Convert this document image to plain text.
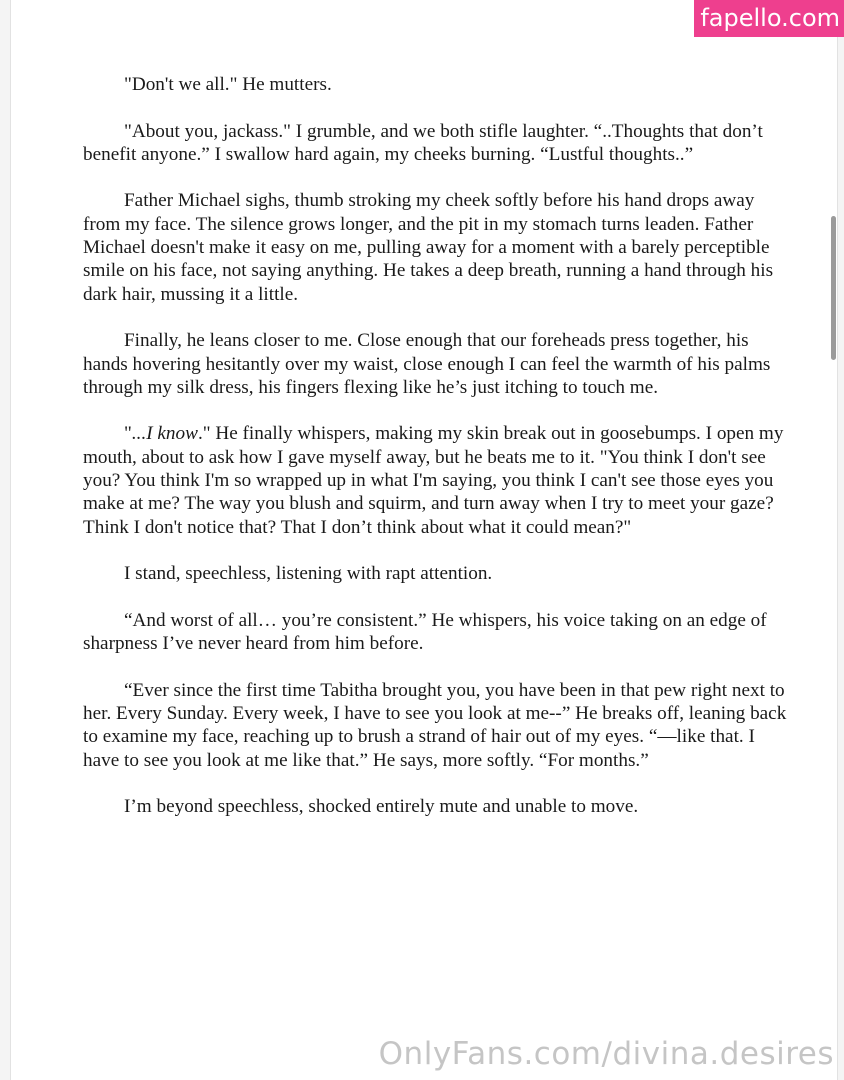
"Don't we all." He mutters.

"About you, jackass." I grumble, and we both stifle laughter. “..Thoughts that don’t benefit anyone.” I swallow hard again, my cheeks burning. “Lustful thoughts..”

Father Michael sighs, thumb stroking my cheek softly before his hand drops away from my face. The silence grows longer, and the pit in my stomach turns leaden. Father Michael doesn't make it easy on me, pulling away for a moment with a barely perceptible smile on his face, not saying anything. He takes a deep breath, running a hand through his dark hair, mussing it a little.

Finally, he leans closer to me. Close enough that our foreheads press together, his hands hovering hesitantly over my waist, close enough I can feel the warmth of his palms through my silk dress, his fingers flexing like he’s just itching to touch me.

"...I know." He finally whispers, making my skin break out in goosebumps. I open my mouth, about to ask how I gave myself away, but he beats me to it. "You think I don't see you? You think I'm so wrapped up in what I'm saying, you think I can't see those eyes you make at me? The way you blush and squirm, and turn away when I try to meet your gaze? Think I don't notice that? That I don’t think about what it could mean?"

I stand, speechless, listening with rapt attention.

“And worst of all… you’re consistent.” He whispers, his voice taking on an edge of sharpness I’ve never heard from him before.

“Ever since the first time Tabitha brought you, you have been in that pew right next to her. Every Sunday. Every week, I have to see you look at me--” He breaks off, leaning back to examine my face, reaching up to brush a strand of hair out of my eyes. “—like that. I have to see you look at me like that.” He says, more softly. “For months.”

I’m beyond speechless, shocked entirely mute and unable to move.

fapello.com
OnlyFans.com/divina.desires
